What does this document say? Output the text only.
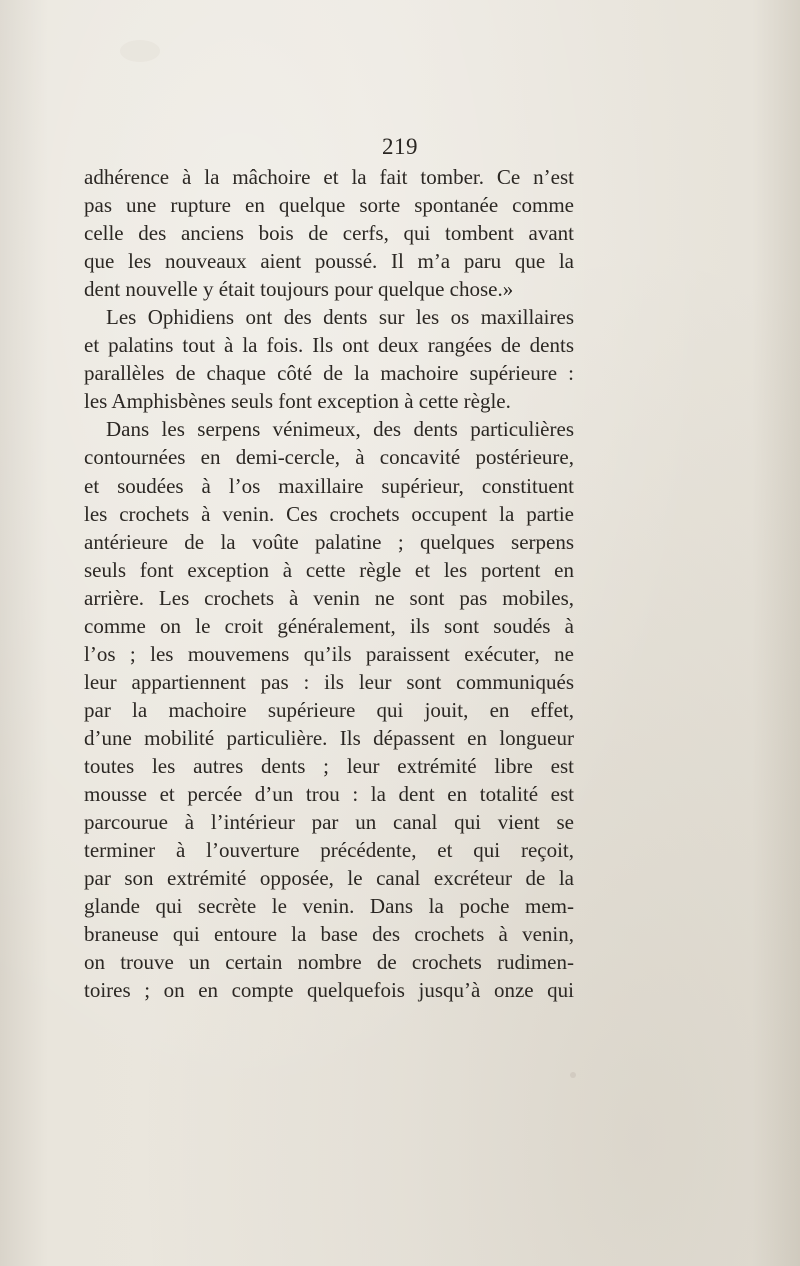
219
adhérence à la mâchoire et la fait tomber. Ce n’est
pas une rupture en quelque sorte spontanée comme
celle des anciens bois de cerfs, qui tombent avant
que les nouveaux aient poussé. Il m’a paru que la
dent nouvelle y était toujours pour quelque chose.»
Les Ophidiens ont des dents sur les os maxillaires
et palatins tout à la fois. Ils ont deux rangées de dents
parallèles de chaque côté de la machoire supérieure :
les Amphisbènes seuls font exception à cette règle.
Dans les serpens vénimeux, des dents particulières
contournées en demi-cercle, à concavité postérieure,
et soudées à l’os maxillaire supérieur, constituent
les crochets à venin. Ces crochets occupent la partie
antérieure de la voûte palatine ; quelques serpens
seuls font exception à cette règle et les portent en
arrière. Les crochets à venin ne sont pas mobiles,
comme on le croit généralement, ils sont soudés à
l’os ; les mouvemens qu’ils paraissent exécuter, ne
leur appartiennent pas : ils leur sont communiqués
par la machoire supérieure qui jouit, en effet,
d’une mobilité particulière. Ils dépassent en longueur
toutes les autres dents ; leur extrémité libre est
mousse et percée d’un trou : la dent en totalité est
parcourue à l’intérieur par un canal qui vient se
terminer à l’ouverture précédente, et qui reçoit,
par son extrémité opposée, le canal excréteur de la
glande qui secrète le venin. Dans la poche mem-
braneuse qui entoure la base des crochets à venin,
on trouve un certain nombre de crochets rudimen-
toires ; on en compte quelquefois jusqu’à onze qui
